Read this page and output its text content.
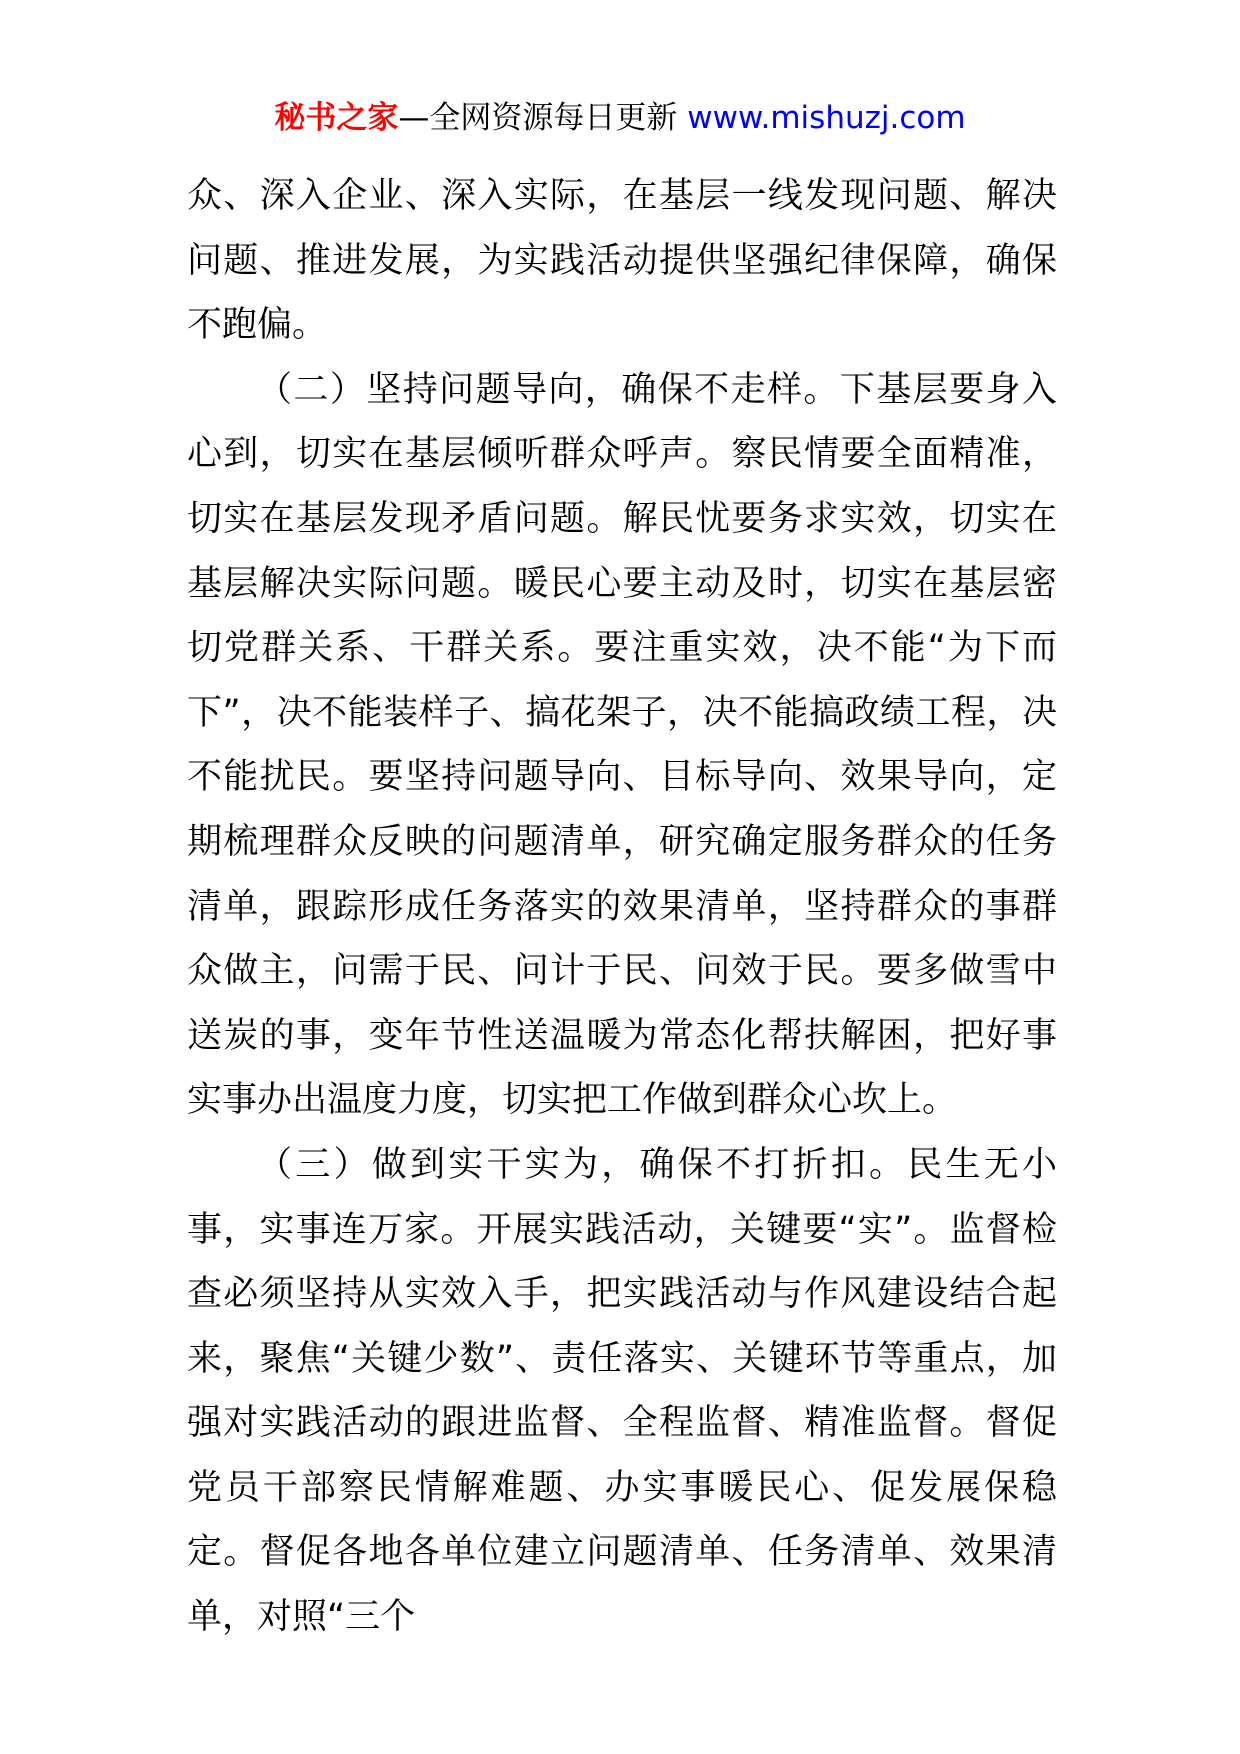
秘书之家—全网资源每日更新 www.mishuzj.com

众、深入企业、深入实际，在基层一线发现问题、解决问题、推进发展，为实践活动提供坚强纪律保障，确保不跑偏。

（二）坚持问题导向，确保不走样。下基层要身入心到，切实在基层倾听群众呼声。察民情要全面精准，切实在基层发现矛盾问题。解民忧要务求实效，切实在基层解决实际问题。暖民心要主动及时，切实在基层密切党群关系、干群关系。要注重实效，决不能“为下而下”，决不能装样子、搞花架子，决不能搞政绩工程，决不能扰民。要坚持问题导向、目标导向、效果导向，定期梳理群众反映的问题清单，研究确定服务群众的任务清单，跟踪形成任务落实的效果清单，坚持群众的事群众做主，问需于民、问计于民、问效于民。要多做雪中送炭的事，变年节性送温暖为常态化帮扶解困，把好事实事办出温度力度，切实把工作做到群众心坎上。

（三）做到实干实为，确保不打折扣。民生无小事，实事连万家。开展实践活动，关键要“实”。监督检查必须坚持从实效入手，把实践活动与作风建设结合起来，聚焦“关键少数”、责任落实、关键环节等重点，加强对实践活动的跟进监督、全程监督、精准监督。督促党员干部察民情解难题、办实事暖民心、促发展保稳定。督促各地各单位建立问题清单、任务清单、效果清单，对照“三个
